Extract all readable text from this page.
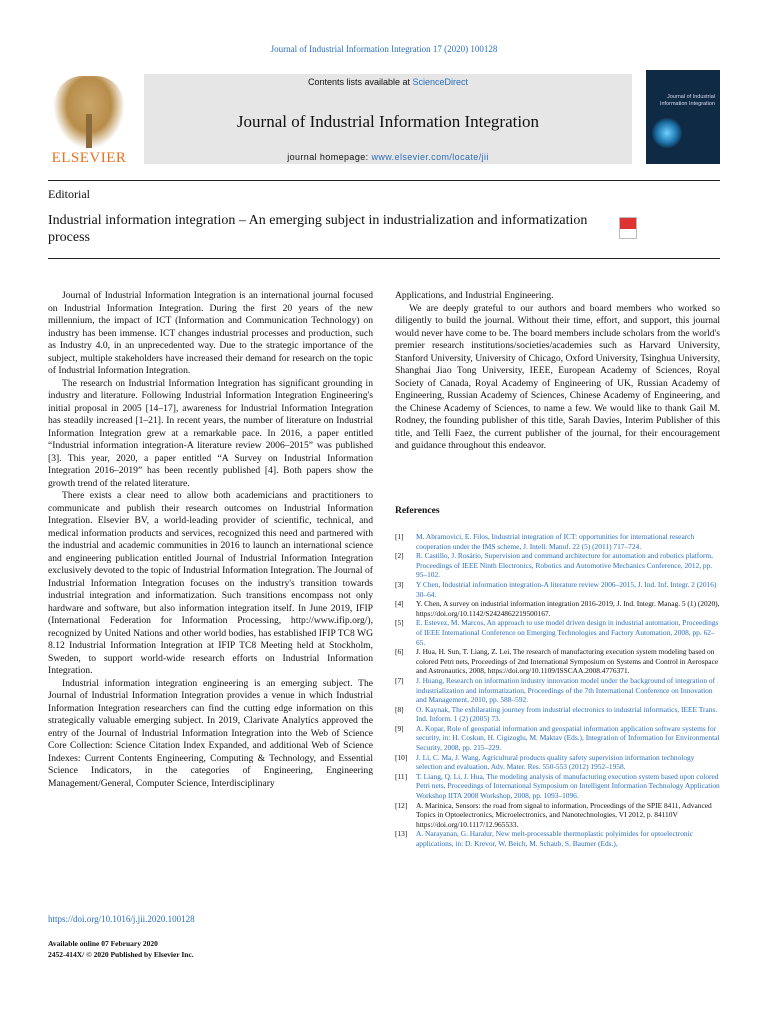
Journal of Industrial Information Integration 17 (2020) 100128
ELSEVIER
Contents lists available at ScienceDirect
Journal of Industrial Information Integration
journal homepage: www.elsevier.com/locate/jii
Journal of Industrial Information Integration
Editorial
Industrial information integration – An emerging subject in industrialization and informatization process

Journal of Industrial Information Integration is an international journal focused on Industrial Information Integration. During the first 20 years of the new millennium, the impact of ICT (Information and Communication Technology) on industry has been immense. ICT changes industrial processes and production, such as Industry 4.0, in an unprecedented way. Due to the strategic importance of the subject, multiple stakeholders have increased their demand for research on the topic of Industrial Information Integration.

The research on Industrial Information Integration has significant grounding in industry and literature. Following Industrial Information Integration Engineering's initial proposal in 2005 [14–17], awareness for Industrial Information Integration has steadily increased [1–21]. In recent years, the number of literature on Industrial Information Integration grew at a remarkable pace. In 2016, a paper entitled “Industrial information integration-A literature review 2006–2015” was published [3]. This year, 2020, a paper entitled “A Survey on Industrial Information Integration 2016–2019” has been recently published [4]. Both papers show the growth trend of the related literature.

There exists a clear need to allow both academicians and practitioners to communicate and publish their research outcomes on Industrial Information Integration. Elsevier BV, a world-leading provider of scientific, technical, and medical information products and services, recognized this need and partnered with the industrial and academic communities in 2016 to launch an international science and engineering publication entitled Journal of Industrial Information Integration exclusively devoted to the topic of Industrial Information Integration. The Journal of Industrial Information Integration focuses on the industry's transition towards industrial integration and informatization. Such transitions encompass not only hardware and software, but also information integration itself. In June 2019, IFIP (International Federation for Information Processing, http://www.ifip.org/), recognized by United Nations and other world bodies, has established IFIP TC8 WG 8.12 Industrial Information Integration at IFIP TC8 Meeting held at Stockholm, Sweden, to support world-wide research efforts on Industrial Information Integration.

Industrial information integration engineering is an emerging subject. The Journal of Industrial Information Integration provides a venue in which Industrial Information Integration researchers can find the cutting edge information on this strategically valuable emerging subject. In 2019, Clarivate Analytics approved the entry of the Journal of Industrial Information Integration into the Web of Science Core Collection: Science Citation Index Expanded, and additional Web of Science Indexes: Current Contents Engineering, Computing & Technology, and Essential Science Indicators, in the categories of Engineering, Engineering Management/General, Computer Science, Interdisciplinary

Applications, and Industrial Engineering.

We are deeply grateful to our authors and board members who worked so diligently to build the journal. Without their time, effort, and support, this journal would never have come to be. The board members include scholars from the world's premier research institutions/societies/academies such as Harvard University, Stanford University, University of Chicago, Oxford University, Tsinghua University, Shanghai Jiao Tong University, IEEE, European Academy of Sciences, Royal Society of Canada, Royal Academy of Engineering of UK, Russian Academy of Engineering, Russian Academy of Sciences, Chinese Academy of Engineering, and the Chinese Academy of Sciences, to name a few. We would like to thank Gail M. Rodney, the founding publisher of this title, Sarah Davies, Interim Publisher of this title, and Telli Faez, the current publisher of the journal, for their encouragement and guidance throughout this endeavor.

References
[1]	M. Abramovici, E. Filos, Industrial integration of ICT: opportunities for international research cooperation under the IMS scheme, J. Intell. Manuf. 22 (5) (2011) 717–724.
[2]	R. Castillo, J. Rosário, Supervision and command architecture for automation and robotics platform, Proceedings of IEEE Ninth Electronics, Robotics and Automotive Mechanics Conference, 2012, pp. 95–102.
[3]	Y Chen, Industrial information integration-A literature review 2006–2015, J. Ind. Inf. Integr. 2 (2016) 30–64.
[4]	Y. Chen, A survey on industrial information integration 2016-2019, J. Ind. Integr. Manag. 5 (1) (2020), https://doi.org/10.1142/S2424862219500167.
[5]	E. Estevez, M. Marcos, An approach to use model driven design in industrial automation, Proceedings of IEEE International Conference on Emerging Technologies and Factory Automation, 2008, pp. 62–65.
[6]	J. Hua, H. Sun, T. Liang, Z. Lei, The research of manufacturing execution system modeling based on colored Petri nets, Proceedings of 2nd International Symposium on Systems and Control in Aerospace and Astronautics, 2008, https://doi.org/10.1109/ISSCAA.2008.4776371.
[7]	J. Huang, Research on information industry innovation model under the background of integration of industrialization and informatization, Proceedings of the 7th International Conference on Innovation and Management, 2010, pp. 588–592.
[8]	O. Kaynak, The exhilarating journey from industrial electronics to industrial informatics, IEEE Trans. Ind. Inform. 1 (2) (2005) 73.
[9]	A. Kopar, Role of geospatial information and geospatial information application software systems for security, in: H. Coskun, H. Cigizoglu, M. Maktav (Eds.), Integration of Information for Environmental Security, 2008, pp. 215–229.
[10]	J. Li, C. Ma, J. Wang, Agricultural products quality safety supervision information technology selection and evaluation, Adv. Mater. Res. 550-553 (2012) 1952–1958.
[11]	T. Liang, Q. Li, J. Hua, The modeling analysis of manufacturing execution system based upon colored Petri nets, Proceedings of International Symposium on Intelligent Information Technology Application Workshop IITA 2008 Workshop, 2008, pp. 1093–1096.
[12]	A. Marinica, Sensors: the road from signal to information, Proceedings of the SPIE 8411, Advanced Topics in Optoelectronics, Microelectronics, and Nanotechnologies, VI 2012, p. 84110V https://doi.org/10.1117/12.965533.
[13]	A. Narayanan, G. Haralur, New melt-processable thermoplastic polyimides for optoelectronic applications, in: D. Krevor, W. Beich, M. Schaub, S. Baumer (Eds.),
https://doi.org/10.1016/j.jii.2020.100128
Available online 07 February 2020
2452-414X/ © 2020 Published by Elsevier Inc.
